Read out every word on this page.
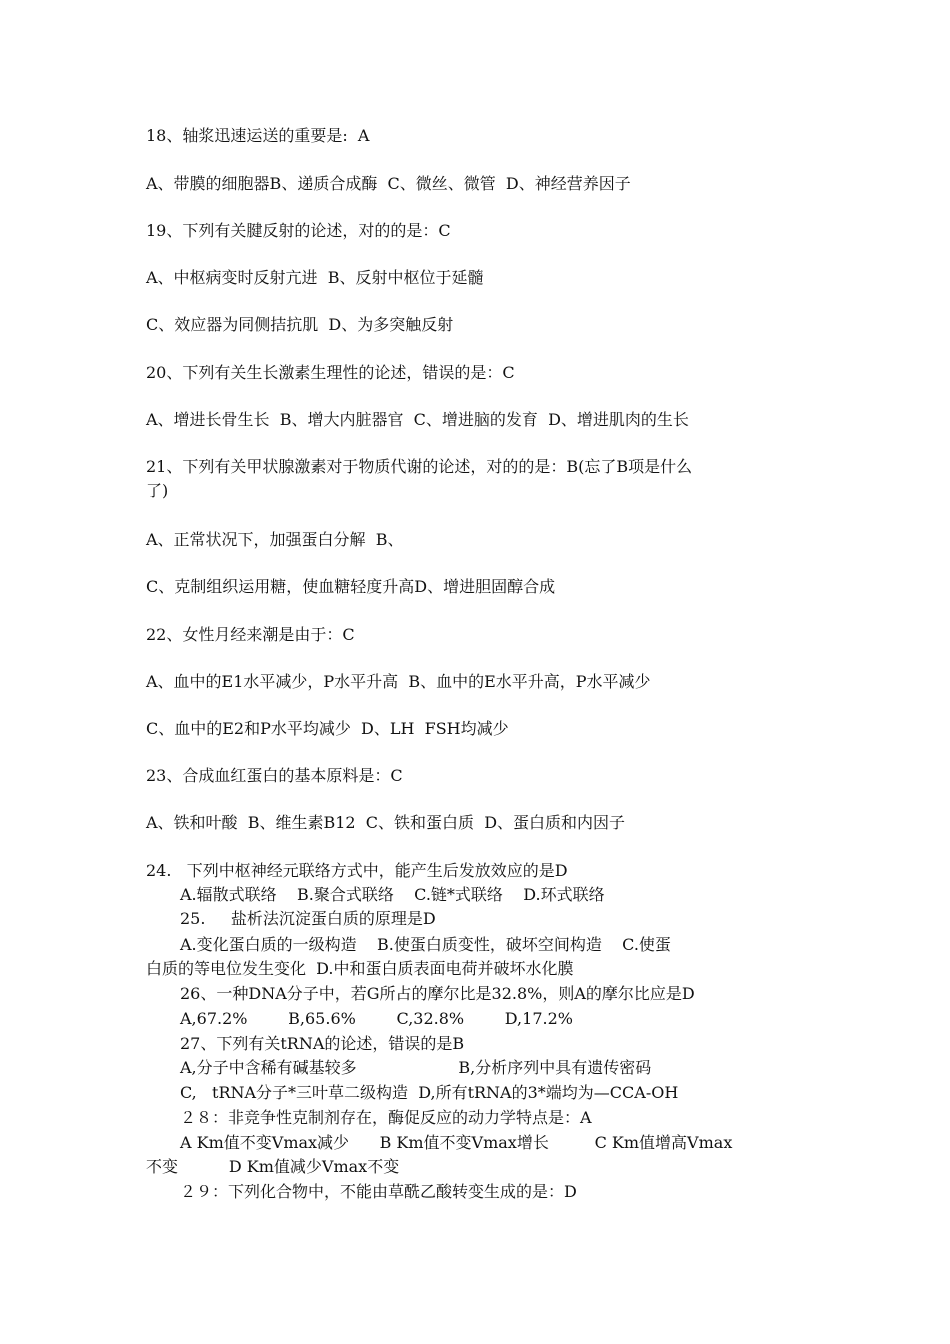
18、轴浆迅速运送的重要是:  A
A、带膜的细胞器B、递质合成酶  C、微丝、微管  D、神经营养因子
19、下列有关腱反射的论述，对的的是：C
A、中枢病变时反射亢进  B、反射中枢位于延髓
C、效应器为同侧拮抗肌  D、为多突触反射
20、下列有关生长激素生理性的论述，错误的是：C
A、增进长骨生长  B、增大内脏器官  C、增进脑的发育  D、增进肌肉的生长
21、下列有关甲状腺激素对于物质代谢的论述，对的的是：B(忘了B项是什么
了)
A、正常状况下，加强蛋白分解  B、
C、克制组织运用糖，使血糖轻度升高D、增进胆固醇合成
22、女性月经来潮是由于：C
A、血中的E1水平减少，P水平升高  B、血中的E水平升高，P水平减少
C、血中的E2和P水平均减少  D、LH  FSH均减少
23、合成血红蛋白的基本原料是：C
A、铁和叶酸  B、维生素B12  C、铁和蛋白质  D、蛋白质和内因子
24.   下列中枢神经元联络方式中，能产生后发放效应的是D
A.辐散式联络    B.聚合式联络    C.链*式联络    D.环式联络
25.     盐析法沉淀蛋白质的原理是D
A.变化蛋白质的一级构造    B.使蛋白质变性，破坏空间构造    C.使蛋
白质的等电位发生变化  D.中和蛋白质表面电荷并破坏水化膜
26、一种DNA分子中，若G所占的摩尔比是32.8%，则A的摩尔比应是D
A,67.2%        B,65.6%        C,32.8%        D,17.2%
27、下列有关tRNA的论述，错误的是B
A,分子中含稀有碱基较多                    B,分析序列中具有遗传密码
C,   tRNA分子*三叶草二级构造  D,所有tRNA的3*端均为—CCA-OH
２８：非竞争性克制剂存在，酶促反应的动力学特点是：A
A Km值不变Vmax减少      B Km值不变Vmax增长         C Km值增高Vmax
不变          D Km值减少Vmax不变
２９：下列化合物中，不能由草酰乙酸转变生成的是：D
